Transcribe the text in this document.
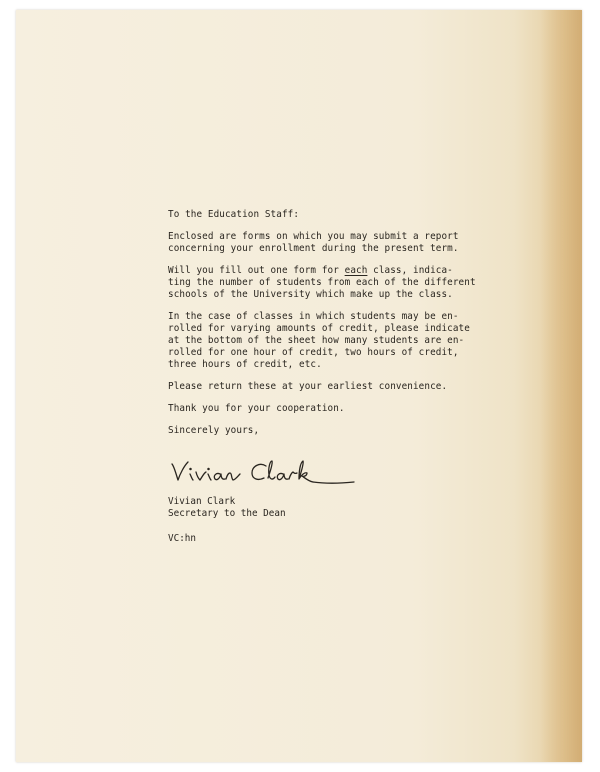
To the Education Staff:
Enclosed are forms on which you may submit a report
concerning your enrollment during the present term.
Will you fill out one form for each class, indica-
ting the number of students from each of the different
schools of the University which make up the class.
In the case of classes in which students may be en-
rolled for varying amounts of credit, please indicate
at the bottom of the sheet how many students are en-
rolled for one hour of credit, two hours of credit,
three hours of credit, etc.
Please return these at your earliest convenience.
Thank you for your cooperation.
Sincerely yours,
Vivian Clark
Secretary to the Dean
VC:hn
